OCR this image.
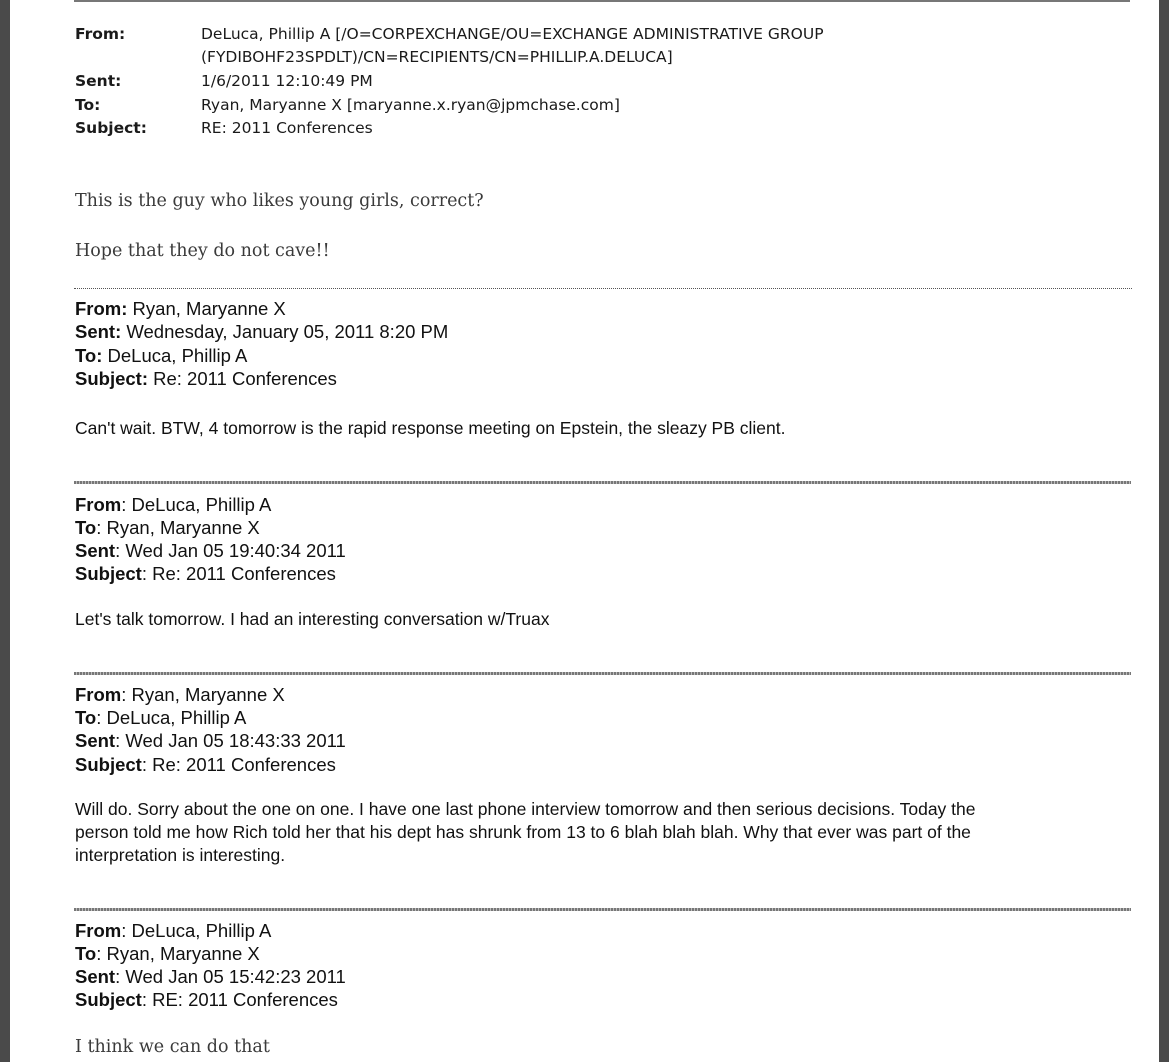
From:	DeLuca, Phillip A [/O=CORPEXCHANGE/OU=EXCHANGE ADMINISTRATIVE GROUP
(FYDIBOHF23SPDLT)/CN=RECIPIENTS/CN=PHILLIP.A.DELUCA]
Sent:	1/6/2011 12:10:49 PM
To:	Ryan, Maryanne X [maryanne.x.ryan@jpmchase.com]
Subject:	RE: 2011 Conferences
This is the guy who likes young girls, correct?
Hope that they do not cave!!
From: Ryan, Maryanne X
Sent: Wednesday, January 05, 2011 8:20 PM
To: DeLuca, Phillip A
Subject: Re: 2011 Conferences
Can't wait. BTW, 4 tomorrow is the rapid response meeting on Epstein, the sleazy PB client.
From: DeLuca, Phillip A
To: Ryan, Maryanne X
Sent: Wed Jan 05 19:40:34 2011
Subject: Re: 2011 Conferences
Let's talk tomorrow. I had an interesting conversation w/Truax
From: Ryan, Maryanne X
To: DeLuca, Phillip A
Sent: Wed Jan 05 18:43:33 2011
Subject: Re: 2011 Conferences
Will do. Sorry about the one on one. I have one last phone interview tomorrow and then serious decisions. Today the
person told me how Rich told her that his dept has shrunk from 13 to 6 blah blah blah. Why that ever was part of the
interpretation is interesting.
From: DeLuca, Phillip A
To: Ryan, Maryanne X
Sent: Wed Jan 05 15:42:23 2011
Subject: RE: 2011 Conferences
I think we can do that
